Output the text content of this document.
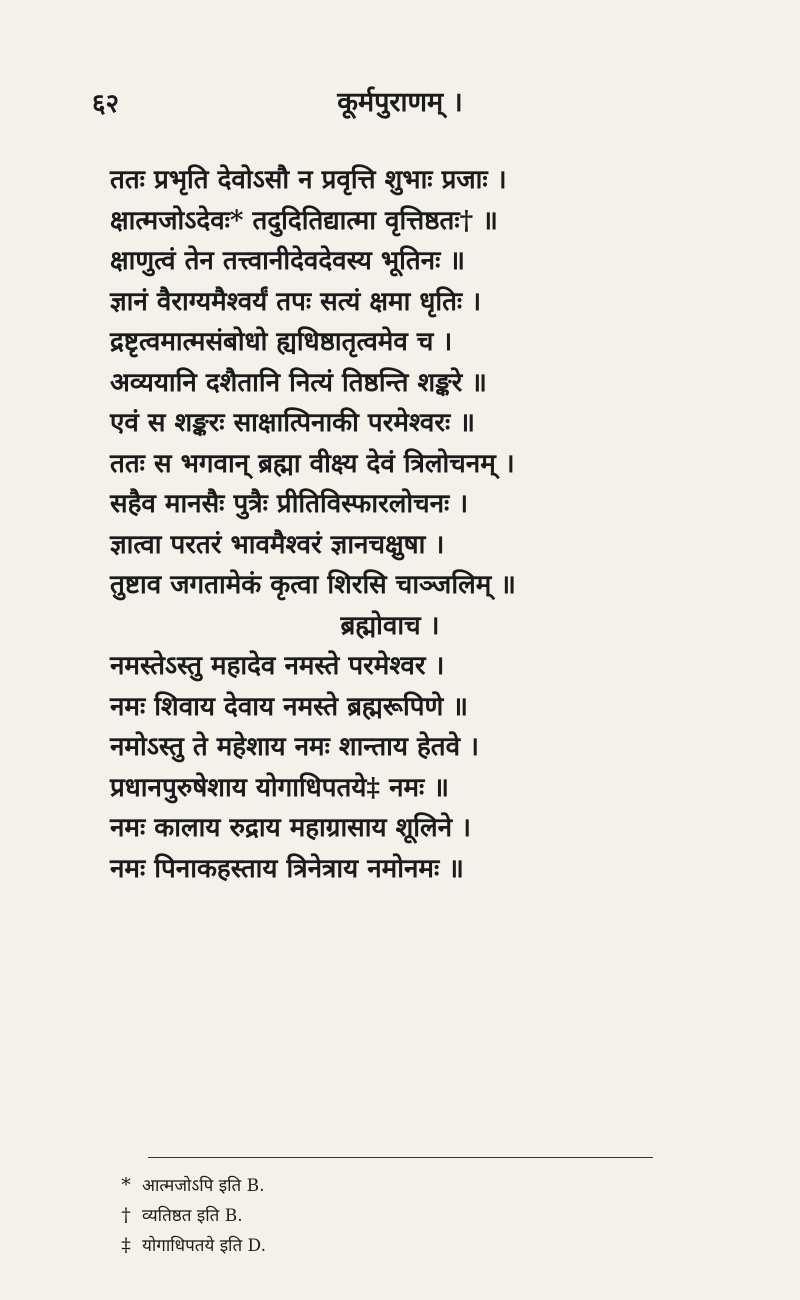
६२	कूर्मपुराणम् ।
ततः प्रभृति देवोऽसौ न प्रवृत्ति शुभाः प्रजाः ।
क्षात्मजोऽदेवः* तदुदितिद्यात्मा वृत्तिष्ठतः† ॥
क्षाणुत्वं तेन तत्त्वानीदेवदेवस्य भूतिनः ॥
ज्ञानं वैराग्यमैश्वर्यं तपः सत्यं क्षमा धृतिः ।
द्रष्टृत्वमात्मसंबोधो ह्यधिष्ठातृत्वमेव च ।
अव्ययानि दशैतानि नित्यं तिष्ठन्ति शङ्करे ॥
एवं स शङ्करः साक्षात्पिनाकी परमेश्वरः ॥
ततः स भगवान् ब्रह्मा वीक्ष्य देवं त्रिलोचनम् ।
सहैव मानसैः पुत्रैः प्रीतिविस्फारलोचनः ।
ज्ञात्वा परतरं भावमैश्वरं ज्ञानचक्षुषा ।
तुष्टाव जगतामेकं कृत्वा शिरसि चाञ्जलिम् ॥
ब्रह्मोवाच ।
नमस्तेऽस्तु महादेव नमस्ते परमेश्वर ।
नमः शिवाय देवाय नमस्ते ब्रह्मरूपिणे ॥
नमोऽस्तु ते महेशाय नमः शान्ताय हेतवे ।
प्रधानपुरुषेशाय योगाधिपतये‡ नमः ॥
नमः कालाय रुद्राय महाग्रासाय शूलिने ।
नमः पिनाकहस्ताय त्रिनेत्राय नमोनमः ॥
* आत्मजोऽपि इति B.
† व्यतिष्ठत इति B.
‡ योगाधिपतये इति D.
